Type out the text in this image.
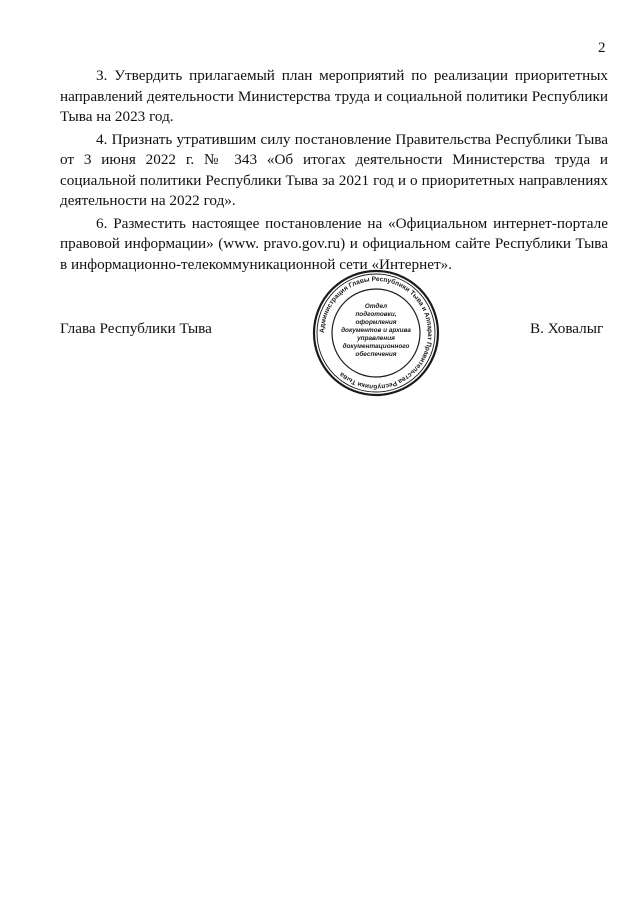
2

3. Утвердить прилагаемый план мероприятий по реализации приоритетных направлений деятельности Министерства труда и социальной политики Республики Тыва на 2023 год.

4. Признать утратившим силу постановление Правительства Республики Тыва от 3 июня 2022 г. № 343 «Об итогах деятельности Министерства труда и социальной политики Республики Тыва за 2021 год и о приоритетных направлениях деятельности на 2022 год».

6. Разместить настоящее постановление на «Официальном интернет-портале правовой информации» (www. pravo.gov.ru) и официальном сайте Республики Тыва в информационно-телекоммуникационной сети «Интернет».

Глава Республики Тыва	В. Ховалыг
Администрация Главы Республики Тыва и Аппарат Правительства Республики Тыва
Отдел
подготовки,
оформления
документов и архива
управления
документационного
обеспечения
